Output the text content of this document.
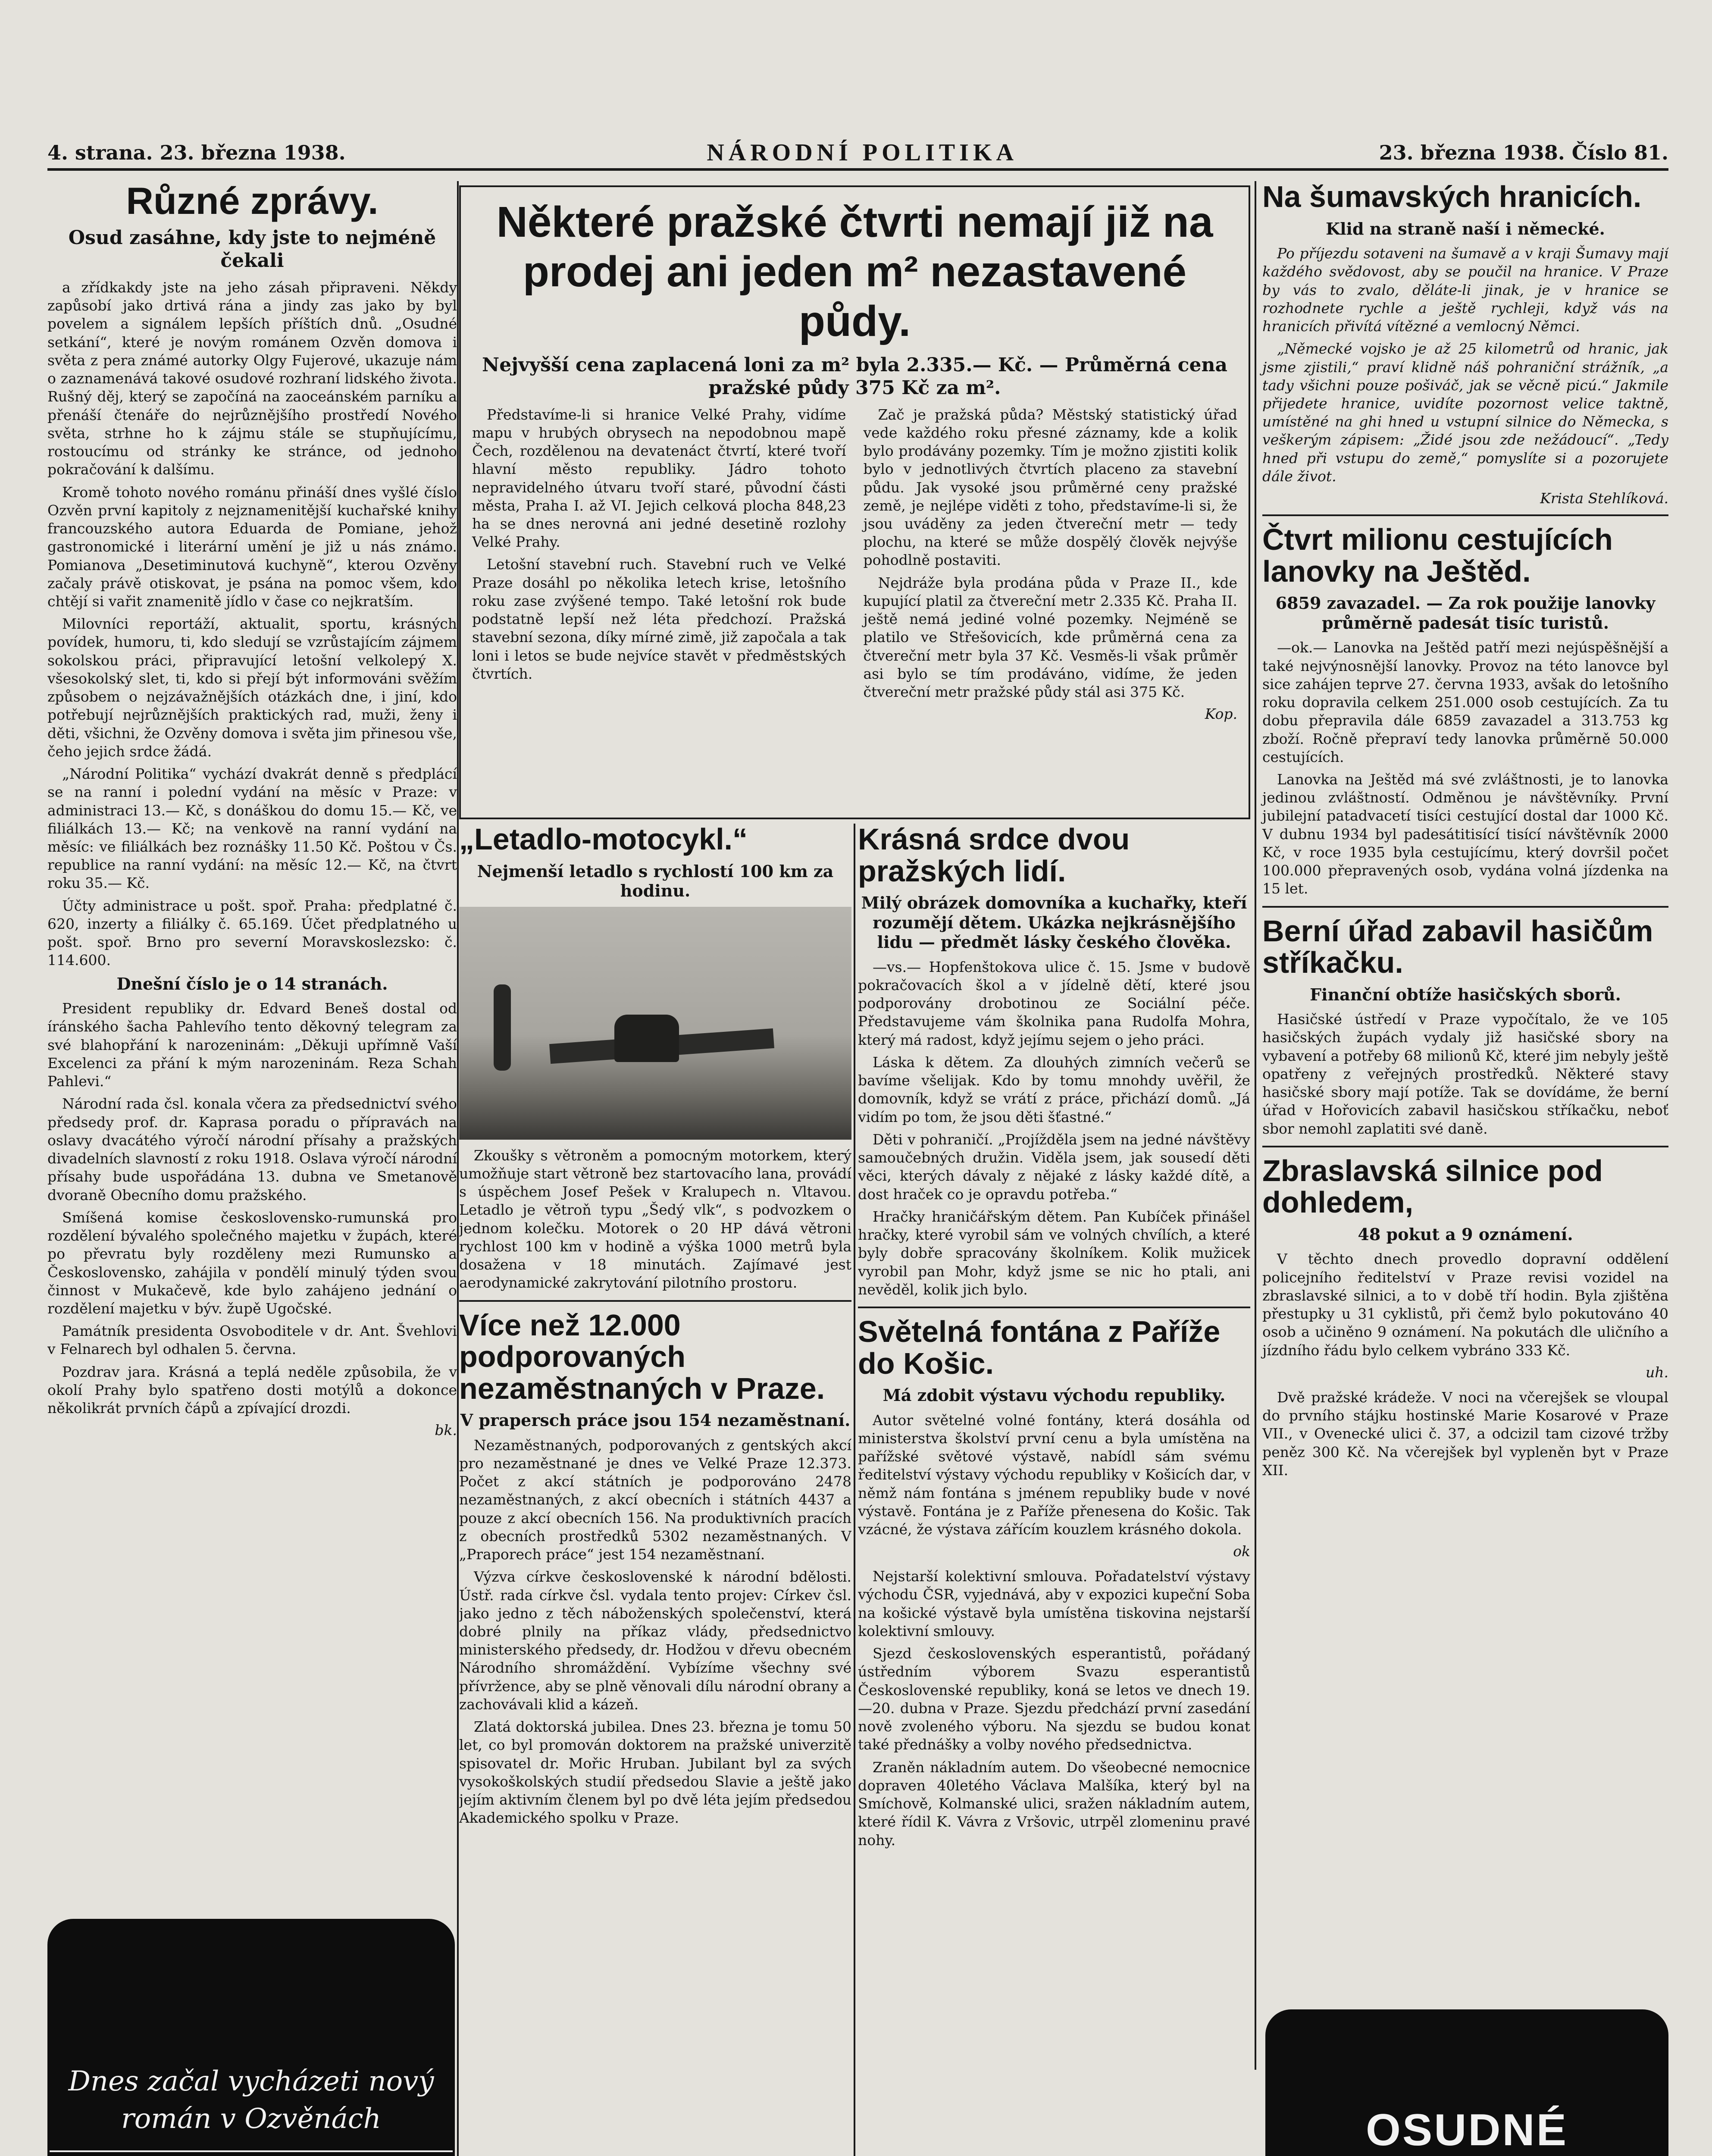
4. strana. 23. března 1938.	NÁRODNÍ POLITIKA	23. března 1938. Číslo 81.
Různé zprávy.
Osud zasáhne, kdy jste to nejméně čekali

a zřídkakdy jste na jeho zásah připraveni. Někdy zapůsobí jako drtivá rána a jindy zas jako by byl povelem a signálem lepších příštích dnů. „Osudné setkání“, které je novým románem Ozvěn domova i světa z pera známé autorky Olgy Fujerové, ukazuje nám o zaznamenává takové osudové rozhraní lidského života. Rušný děj, který se započíná na zaoceánském parníku a přenáší čtenáře do nejrůznějšího prostředí Nového světa, strhne ho k zájmu stále se stupňujícímu, rostoucímu od stránky ke stránce, od jednoho pokračování k dalšímu.

Kromě tohoto nového románu přináší dnes vyšlé číslo Ozvěn první kapitoly z nejznamenitější kuchařské knihy francouzského autora Eduarda de Pomiane, jehož gastronomické i literární umění je již u nás známo. Pomianova „Desetiminutová kuchyně“, kterou Ozvěny začaly právě otiskovat, je psána na pomoc všem, kdo chtějí si vařit znamenitě jídlo v čase co nejkratším.

Milovníci reportáží, aktualit, sportu, krásných povídek, humoru, ti, kdo sledují se vzrůstajícím zájmem sokolskou práci, připravující letošní velkolepý X. všesokolský slet, ti, kdo si přejí být informováni svěžím způsobem o nejzávažnějších otázkách dne, i jiní, kdo potřebují nejrůznějších praktických rad, muži, ženy i děti, všichni, že Ozvěny domova i světa jim přinesou vše, čeho jejich srdce žádá.

„Národní Politika“ vychází dvakrát denně s předplácí se na ranní i polední vydání na měsíc v Praze: v administraci 13.— Kč, s donáškou do domu 15.— Kč, ve filiálkách 13.— Kč; na venkově na ranní vydání na měsíc: ve filiálkách bez roznášky 11.50 Kč. Poštou v Čs. republice na ranní vydání: na měsíc 12.— Kč, na čtvrt roku 35.— Kč.

Účty administrace u pošt. spoř. Praha: předplatné č. 620, inzerty a filiálky č. 65.169. Účet předplatného u pošt. spoř. Brno pro severní Moravskoslezsko: č. 114.600.

Dnešní číslo je o 14 stranách.

President republiky dr. Edvard Beneš dostal od íránského šacha Pahlevího tento děkovný telegram za své blahopřání k narozeninám: „Děkuji upřímně Vaší Excelenci za přání k mým narozeninám. Reza Schah Pahlevi.“

Národní rada čsl. konala včera za předsednictví svého předsedy prof. dr. Kaprasa poradu o přípravách na oslavy dvacátého výročí národní přísahy a pražských divadelních slavností z roku 1918. Oslava výročí národní přísahy bude uspořádána 13. dubna ve Smetanově dvoraně Obecního domu pražského.

Smíšená komise československo-rumunská pro rozdělení bývalého společného majetku v župách, které po převratu byly rozděleny mezi Rumunsko a Československo, zahájila v pondělí minulý týden svou činnost v Mukačevě, kde bylo zahájeno jednání o rozdělení majetku v býv. župě Ugočské.

Památník presidenta Osvoboditele v dr. Ant. Švehlovi v Felnarech byl odhalen 5. června.

Pozdrav jara. Krásná a teplá neděle způsobila, že v okolí Prahy bylo spatřeno dosti motýlů a dokonce několikrát prvních čápů a zpívající drozdi.

bk.
Dnes začal vycházeti nový román v Ozvěnách
Některé pražské čtvrti nemají již na prodej ani jeden m² nezastavené půdy.
Nejvyšší cena zaplacená loni za m² byla 2.335.— Kč. — Průměrná cena pražské půdy 375 Kč za m².

Představíme-li si hranice Velké Prahy, vidíme mapu v hrubých obrysech na nepodobnou mapě Čech, rozdělenou na devatenáct čtvrtí, které tvoří hlavní město republiky. Jádro tohoto nepravidelného útvaru tvoří staré, původní části města, Praha I. až VI. Jejich celková plocha 848,23 ha se dnes nerovná ani jedné desetině rozlohy Velké Prahy.

Letošní stavební ruch. Stavební ruch ve Velké Praze dosáhl po několika letech krise, letošního roku zase zvýšené tempo. Také letošní rok bude podstatně lepší než léta předchozí. Pražská stavební sezona, díky mírné zimě, již započala a tak loni i letos se bude nejvíce stavět v předměstských čtvrtích.

Zač je pražská půda? Městský statistický úřad vede každého roku přesné záznamy, kde a kolik bylo prodávány pozemky. Tím je možno zjistiti kolik bylo v jednotlivých čtvrtích placeno za stavební půdu. Jak vysoké jsou průměrné ceny pražské země, je nejlépe viděti z toho, představíme-li si, že jsou uváděny za jeden čtvereční metr — tedy plochu, na které se může dospělý člověk nejvýše pohodlně postaviti.

Nejdráže byla prodána půda v Praze II., kde kupující platil za čtvereční metr 2.335 Kč. Praha II. ještě nemá jediné volné pozemky. Nejméně se platilo ve Střešovicích, kde průměrná cena za čtvereční metr byla 37 Kč. Vesměs-li však průměr asi bylo se tím prodáváno, vidíme, že jeden čtvereční metr pražské půdy stál asi 375 Kč.

Kop.
„Letadlo-motocykl.“
Nejmenší letadlo s rychlostí 100 km za hodinu.

Zkoušky s větroněm a pomocným motorkem, který umožňuje start větroně bez startovacího lana, provádí s úspěchem Josef Pešek v Kralupech n. Vltavou. Letadlo je větroň typu „Šedý vlk“, s podvozkem o jednom kolečku. Motorek o 20 HP dává větroni rychlost 100 km v hodině a výška 1000 metrů byla dosažena v 18 minutách. Zajímavé jest aerodynamické zakrytování pilotního prostoru.

Více než 12.000 podporovaných nezaměstnaných v Praze.
V prapersch práce jsou 154 nezaměstnaní.

Nezaměstnaných, podporovaných z gentských akcí pro nezaměstnané je dnes ve Velké Praze 12.373. Počet z akcí státních je podporováno 2478 nezaměstnaných, z akcí obecních i státních 4437 a pouze z akcí obecních 156. Na produktivních pracích z obecních prostředků 5302 nezaměstnaných. V „Praporech práce“ jest 154 nezaměstnaní.

Výzva církve československé k národní bdělosti. Ústř. rada církve čsl. vydala tento projev: Církev čsl. jako jedno z těch náboženských společenství, která dobré plnily na příkaz vlády, předsednictvo ministerského předsedy, dr. Hodžou v dřevu obecném Národního shromáždění. Vybízíme všechny své přívržence, aby se plně věnovali dílu národní obrany a zachovávali klid a kázeň.

Zlatá doktorská jubilea. Dnes 23. března je tomu 50 let, co byl promován doktorem na pražské univerzitě spisovatel dr. Mořic Hruban. Jubilant byl za svých vysokoškolských studií předsedou Slavie a ještě jako jejím aktivním členem byl po dvě léta jejím předsedou Akademického spolku v Praze.

Krásná srdce dvou pražských lidí.
Milý obrázek domovníka a kuchařky, kteří rozumějí dětem. Ukázka nejkrásnějšího lidu — předmět lásky českého člověka.

—vs.— Hopfenštokova ulice č. 15. Jsme v budově pokračovacích škol a v jídelně dětí, které jsou podporovány drobotinou ze Sociální péče. Představujeme vám školnika pana Rudolfa Mohra, který má radost, když jejímu sejem o jeho práci.

Láska k dětem. Za dlouhých zimních večerů se bavíme všelijak. Kdo by tomu mnohdy uvěřil, že domovník, když se vrátí z práce, přichází domů. „Já vidím po tom, že jsou děti šťastné.“

Děti v pohraničí. „Projížděla jsem na jedné návštěvy samoučebných družin. Viděla jsem, jak sousedí děti věci, kterých dávaly z nějaké z lásky každé dítě, a dost hraček co je opravdu potřeba.“

Hračky hraničářským dětem. Pan Kubíček přinášel hračky, které vyrobil sám ve volných chvílích, a které byly dobře spracovány školníkem. Kolik mužicek vyrobil pan Mohr, když jsme se nic ho ptali, ani nevěděl, kolik jich bylo.

Světelná fontána z Paříže do Košic.
Má zdobit výstavu východu republiky.

Autor světelné volné fontány, která dosáhla od ministerstva školství první cenu a byla umístěna na pařížské světové výstavě, nabídl sám svému ředitelství výstavy východu republiky v Košicích dar, v němž nám fontána s jménem republiky bude v nové výstavě. Fontána je z Paříže přenesena do Košic. Tak vzácné, že výstava zářícím kouzlem krásného dokola.

ok

Nejstarší kolektivní smlouva. Pořadatelství výstavy východu ČSR, vyjednává, aby v expozici kupeční Soba na košické výstavě byla umístěna tiskovina nejstarší kolektivní smlouvy.

Sjezd československých esperantistů, pořádaný ústředním výborem Svazu esperantistů Československé republiky, koná se letos ve dnech 19.—20. dubna v Praze. Sjezdu předchází první zasedání nově zvoleného výboru. Na sjezdu se budou konat také přednášky a volby nového předsednictva.

Zraněn nákladním autem. Do všeobecné nemocnice dopraven 40letého Václava Malšíka, který byl na Smíchově, Kolmanské ulici, sražen nákladním autem, které řídil K. Vávra z Vršovic, utrpěl zlomeninu pravé nohy.

Na šumavských hranicích.
Klid na straně naší i německé.

Po příjezdu sotaveni na šumavě a v kraji Šumavy mají každého svědovost, aby se poučil na hranice. V Praze by vás to zvalo, děláte-li jinak, je v hranice se rozhodnete rychle a ještě rychleji, když vás na hranicích přivítá vítězné a vemlocný Němci.

„Německé vojsko je až 25 kilometrů od hranic, jak jsme zjistili,“ praví klidně náš pohraniční strážník, „a tady všichni pouze pošiváč, jak se věcně picú.“ Jakmile přijedete hranice, uvidíte pozornost velice taktně, umístěné na ghi hned u vstupní silnice do Německa, s veškerým zápisem: „Židé jsou zde nežádoucí“. „Tedy hned při vstupu do země,“ pomyslíte si a pozorujete dále život.

Krista Stehlíková.
Čtvrt milionu cestujících lanovky na Ještěd.
6859 zavazadel. — Za rok použije lanovky průměrně padesát tisíc turistů.

—ok.— Lanovka na Ještěd patří mezi nejúspěšnější a také nejvýnosnější lanovky. Provoz na této lanovce byl sice zahájen teprve 27. června 1933, avšak do letošního roku dopravila celkem 251.000 osob cestujících. Za tu dobu přepravila dále 6859 zavazadel a 313.753 kg zboží. Ročně přepraví tedy lanovka průměrně 50.000 cestujících.

Lanovka na Ještěd má své zvláštnosti, je to lanovka jedinou zvláštností. Odměnou je návštěvníky. První jubilejní patadvacetí tisíci cestující dostal dar 1000 Kč. V dubnu 1934 byl padesátitisící tisící návštěvník 2000 Kč, v roce 1935 byla cestujícímu, který dovršil počet 100.000 přepravených osob, vydána volná jízdenka na 15 let.

Berní úřad zabavil hasičům stříkačku.
Finanční obtíže hasičských sborů.

Hasičské ústředí v Praze vypočítalo, že ve 105 hasičských župách vydaly již hasičské sbory na vybavení a potřeby 68 milionů Kč, které jim nebyly ještě opatřeny z veřejných prostředků. Některé stavy hasičské sbory mají potíže. Tak se dovídáme, že berní úřad v Hořovicích zabavil hasičskou stříkačku, neboť sbor nemohl zaplatiti své daně.

Zbraslavská silnice pod dohledem,
48 pokut a 9 oznámení.

V těchto dnech provedlo dopravní oddělení policejního ředitelství v Praze revisi vozidel na zbraslavské silnici, a to v době tří hodin. Byla zjištěna přestupky u 31 cyklistů, při čemž bylo pokutováno 40 osob a učiněno 9 oznámení. Na pokutách dle uličního a jízdního řádu bylo celkem vybráno 333 Kč.

uh.

Dvě pražské krádeže. V noci na včerejšek se vloupal do prvního stájku hostinské Marie Kosarové v Praze VII., v Ovenecké ulici č. 37, a odcizil tam cizové tržby peněz 300 Kč. Na včerejšek byl vypleněn byt v Praze XII.

OSUDNÉ
